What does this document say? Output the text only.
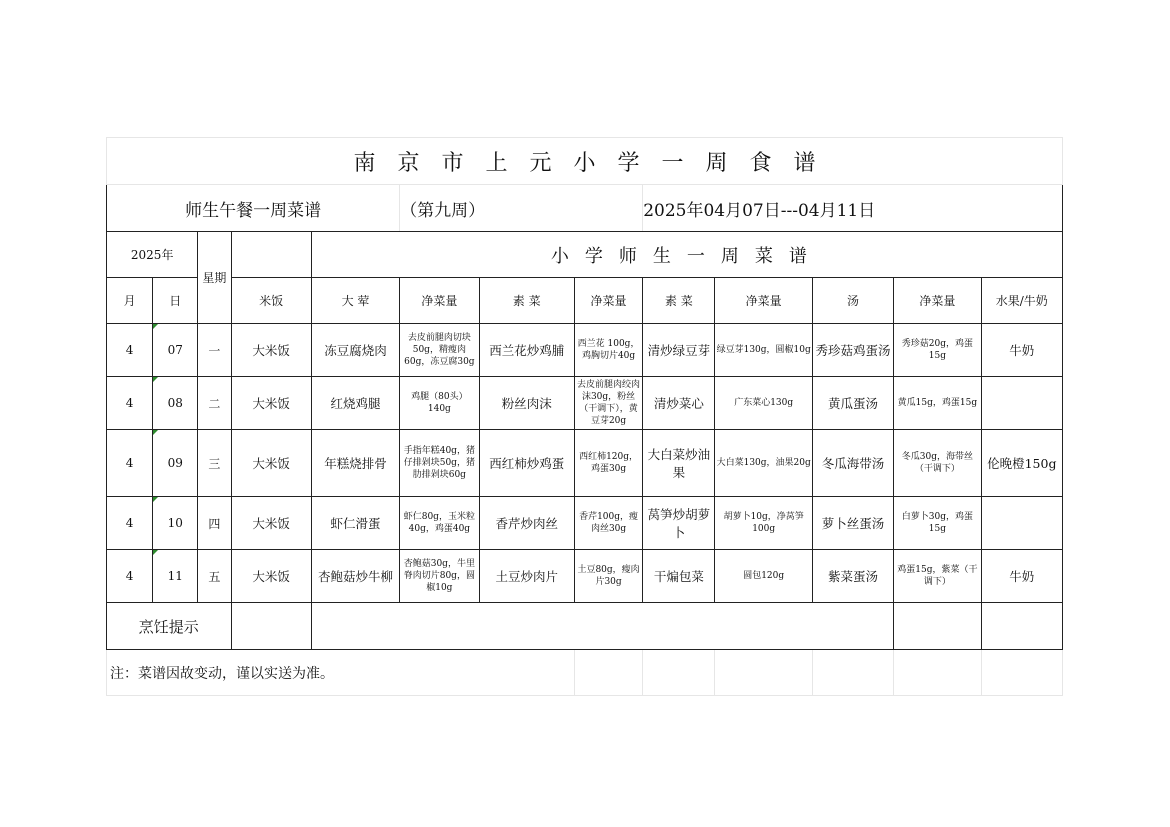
南京市上元小学一周食谱												
师生午餐一周菜谱					（第九周）			2025年04月07日---04月11日				
2025年		星期		小学师生一周菜谱								
月	日		米饭	大 荤	净菜量	素 菜	净菜量	素 菜	净菜量	汤	净菜量	水果/牛奶
4	07	一	大米饭	冻豆腐烧肉	去皮前腿肉切块50g，精瘦肉60g，冻豆腐30g	西兰花炒鸡脯	西兰花 100g，鸡胸切片40g	清炒绿豆芽	绿豆芽130g，圆椒10g	秀珍菇鸡蛋汤	秀珍菇20g，鸡蛋15g	牛奶
4	08	二	大米饭	红烧鸡腿	鸡腿（80头）140g	粉丝肉沫	去皮前腿肉绞肉沫30g，粉丝（干调下），黄豆芽20g	清炒菜心	广东菜心130g	黄瓜蛋汤	黄瓜15g，鸡蛋15g	
4	09	三	大米饭	年糕烧排骨	手指年糕40g，猪仔排剁块50g，猪肋排剁块60g	西红柿炒鸡蛋	西红柿120g，鸡蛋30g	大白菜炒油果	大白菜130g，油果20g	冬瓜海带汤	冬瓜30g，海带丝（干调下）	伦晚橙150g
4	10	四	大米饭	虾仁滑蛋	虾仁80g，玉米粒40g，鸡蛋40g	香芹炒肉丝	香芹100g，瘦肉丝30g	莴笋炒胡萝卜	胡萝卜10g，净莴笋100g	萝卜丝蛋汤	白萝卜30g，鸡蛋15g	
4	11	五	大米饭	杏鲍菇炒牛柳	杏鲍菇30g，牛里脊肉切片80g，圆椒10g	土豆炒肉片	土豆80g，瘦肉片30g	干煸包菜	圆包120g	紫菜蛋汤	鸡蛋15g，紫菜（干调下）	牛奶
烹饪提示												
注：菜谱因故变动，谨以实送为准。												
